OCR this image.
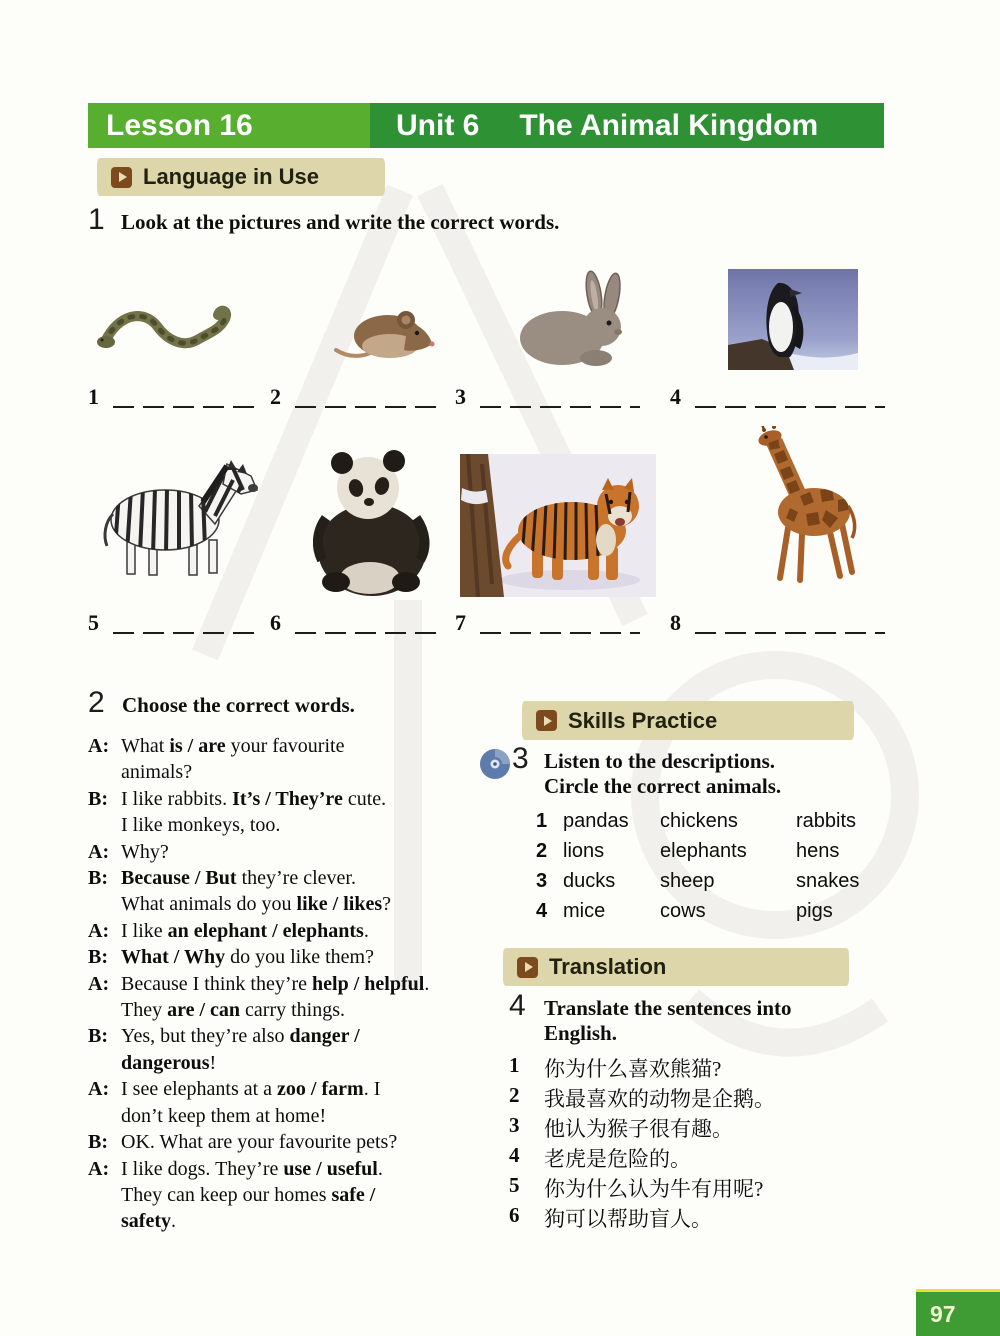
Lesson 16	Unit 6 The Animal Kingdom
Language in Use
1 Look at the pictures and write the correct words.
1	2	3	4
5	6	7	8
2 Choose the correct words.
A: What is / are your favourite
animals?
B: I like rabbits. It’s / They’re cute.
I like monkeys, too.
A: Why?
B: Because / But they’re clever.
What animals do you like / likes?
A: I like an elephant / elephants.
B: What / Why do you like them?
A: Because I think they’re help / helpful.
They are / can carry things.
B: Yes, but they’re also danger /
dangerous!
A: I see elephants at a zoo / farm. I
don’t keep them at home!
B: OK. What are your favourite pets?
A: I like dogs. They’re use / useful.
They can keep our homes safe /
safety.
Skills Practice
3 Listen to the descriptions.
Circle the correct animals.
1 pandas	chickens	rabbits
2 lions	elephants	hens
3 ducks	sheep	snakes
4 mice	cows	pigs
Translation
4 Translate the sentences into
English.
1	你为什么喜欢熊猫?
2	我最喜欢的动物是企鹅。
3	他认为猴子很有趣。
4	老虎是危险的。
5	你为什么认为牛有用呢?
6	狗可以帮助盲人。
97
